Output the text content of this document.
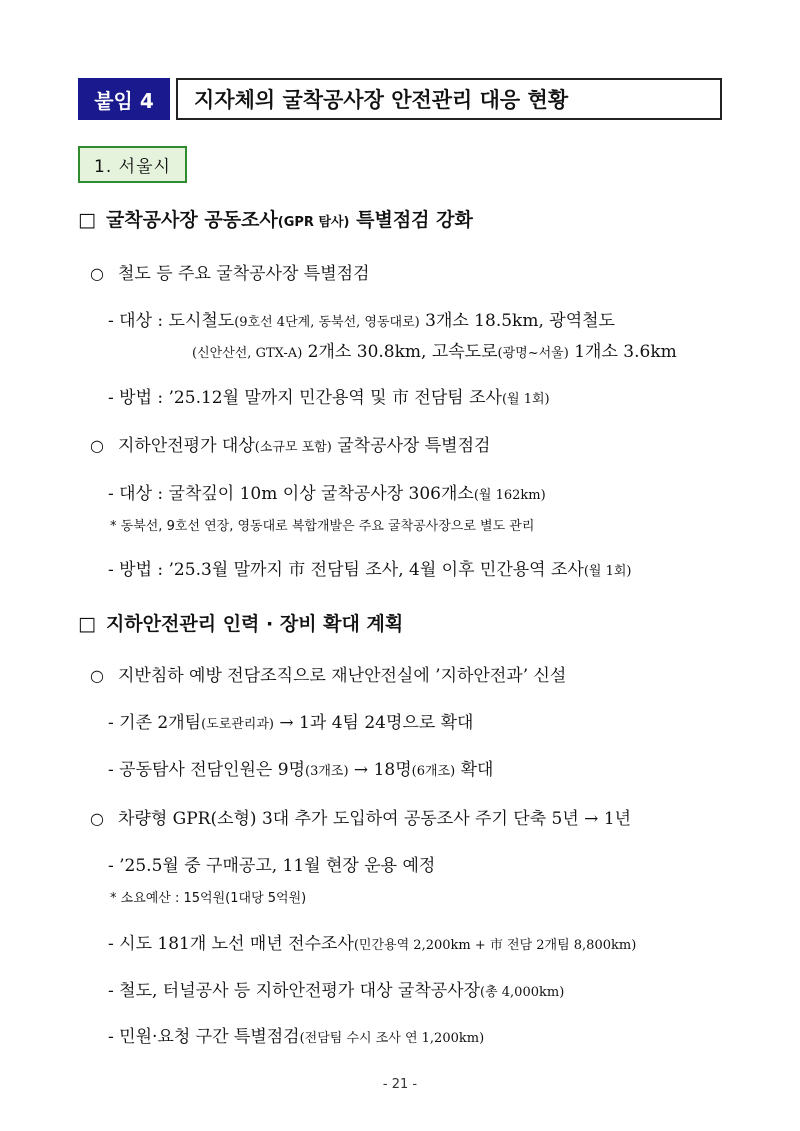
붙임 4	지자체의 굴착공사장 안전관리 대응 현황
1. 서울시
□ 굴착공사장 공동조사(GPR 탐사) 특별점검 강화
○ 철도 등 주요 굴착공사장 특별점검
- 대상 : 도시철도(9호선 4단계, 동북선, 영동대로) 3개소 18.5km, 광역철도
(신안산선, GTX-A) 2개소 30.8km, 고속도로(광명~서울) 1개소 3.6km
- 방법 : ’25.12월 말까지 민간용역 및 市 전담팀 조사(월 1회)
○ 지하안전평가 대상(소규모 포함) 굴착공사장 특별점검
- 대상 : 굴착깊이 10m 이상 굴착공사장 306개소(월 162km)
* 동북선, 9호선 연장, 영동대로 복합개발은 주요 굴착공사장으로 별도 관리
- 방법 : ’25.3월 말까지 市 전담팀 조사, 4월 이후 민간용역 조사(월 1회)
□ 지하안전관리 인력 · 장비 확대 계획
○ 지반침하 예방 전담조직으로 재난안전실에 ’지하안전과’ 신설
- 기존 2개팀(도로관리과) → 1과 4팀 24명으로 확대
- 공동탐사 전담인원은 9명(3개조) → 18명(6개조) 확대
○ 차량형 GPR(소형) 3대 추가 도입하여 공동조사 주기 단축 5년 → 1년
- ’25.5월 중 구매공고, 11월 현장 운용 예정
* 소요예산 : 15억원(1대당 5억원)
- 시도 181개 노선 매년 전수조사(민간용역 2,200km + 市 전담 2개팀 8,800km)
- 철도, 터널공사 등 지하안전평가 대상 굴착공사장(총 4,000km)
- 민원·요청 구간 특별점검(전담팀 수시 조사 연 1,200km)
- 21 -
